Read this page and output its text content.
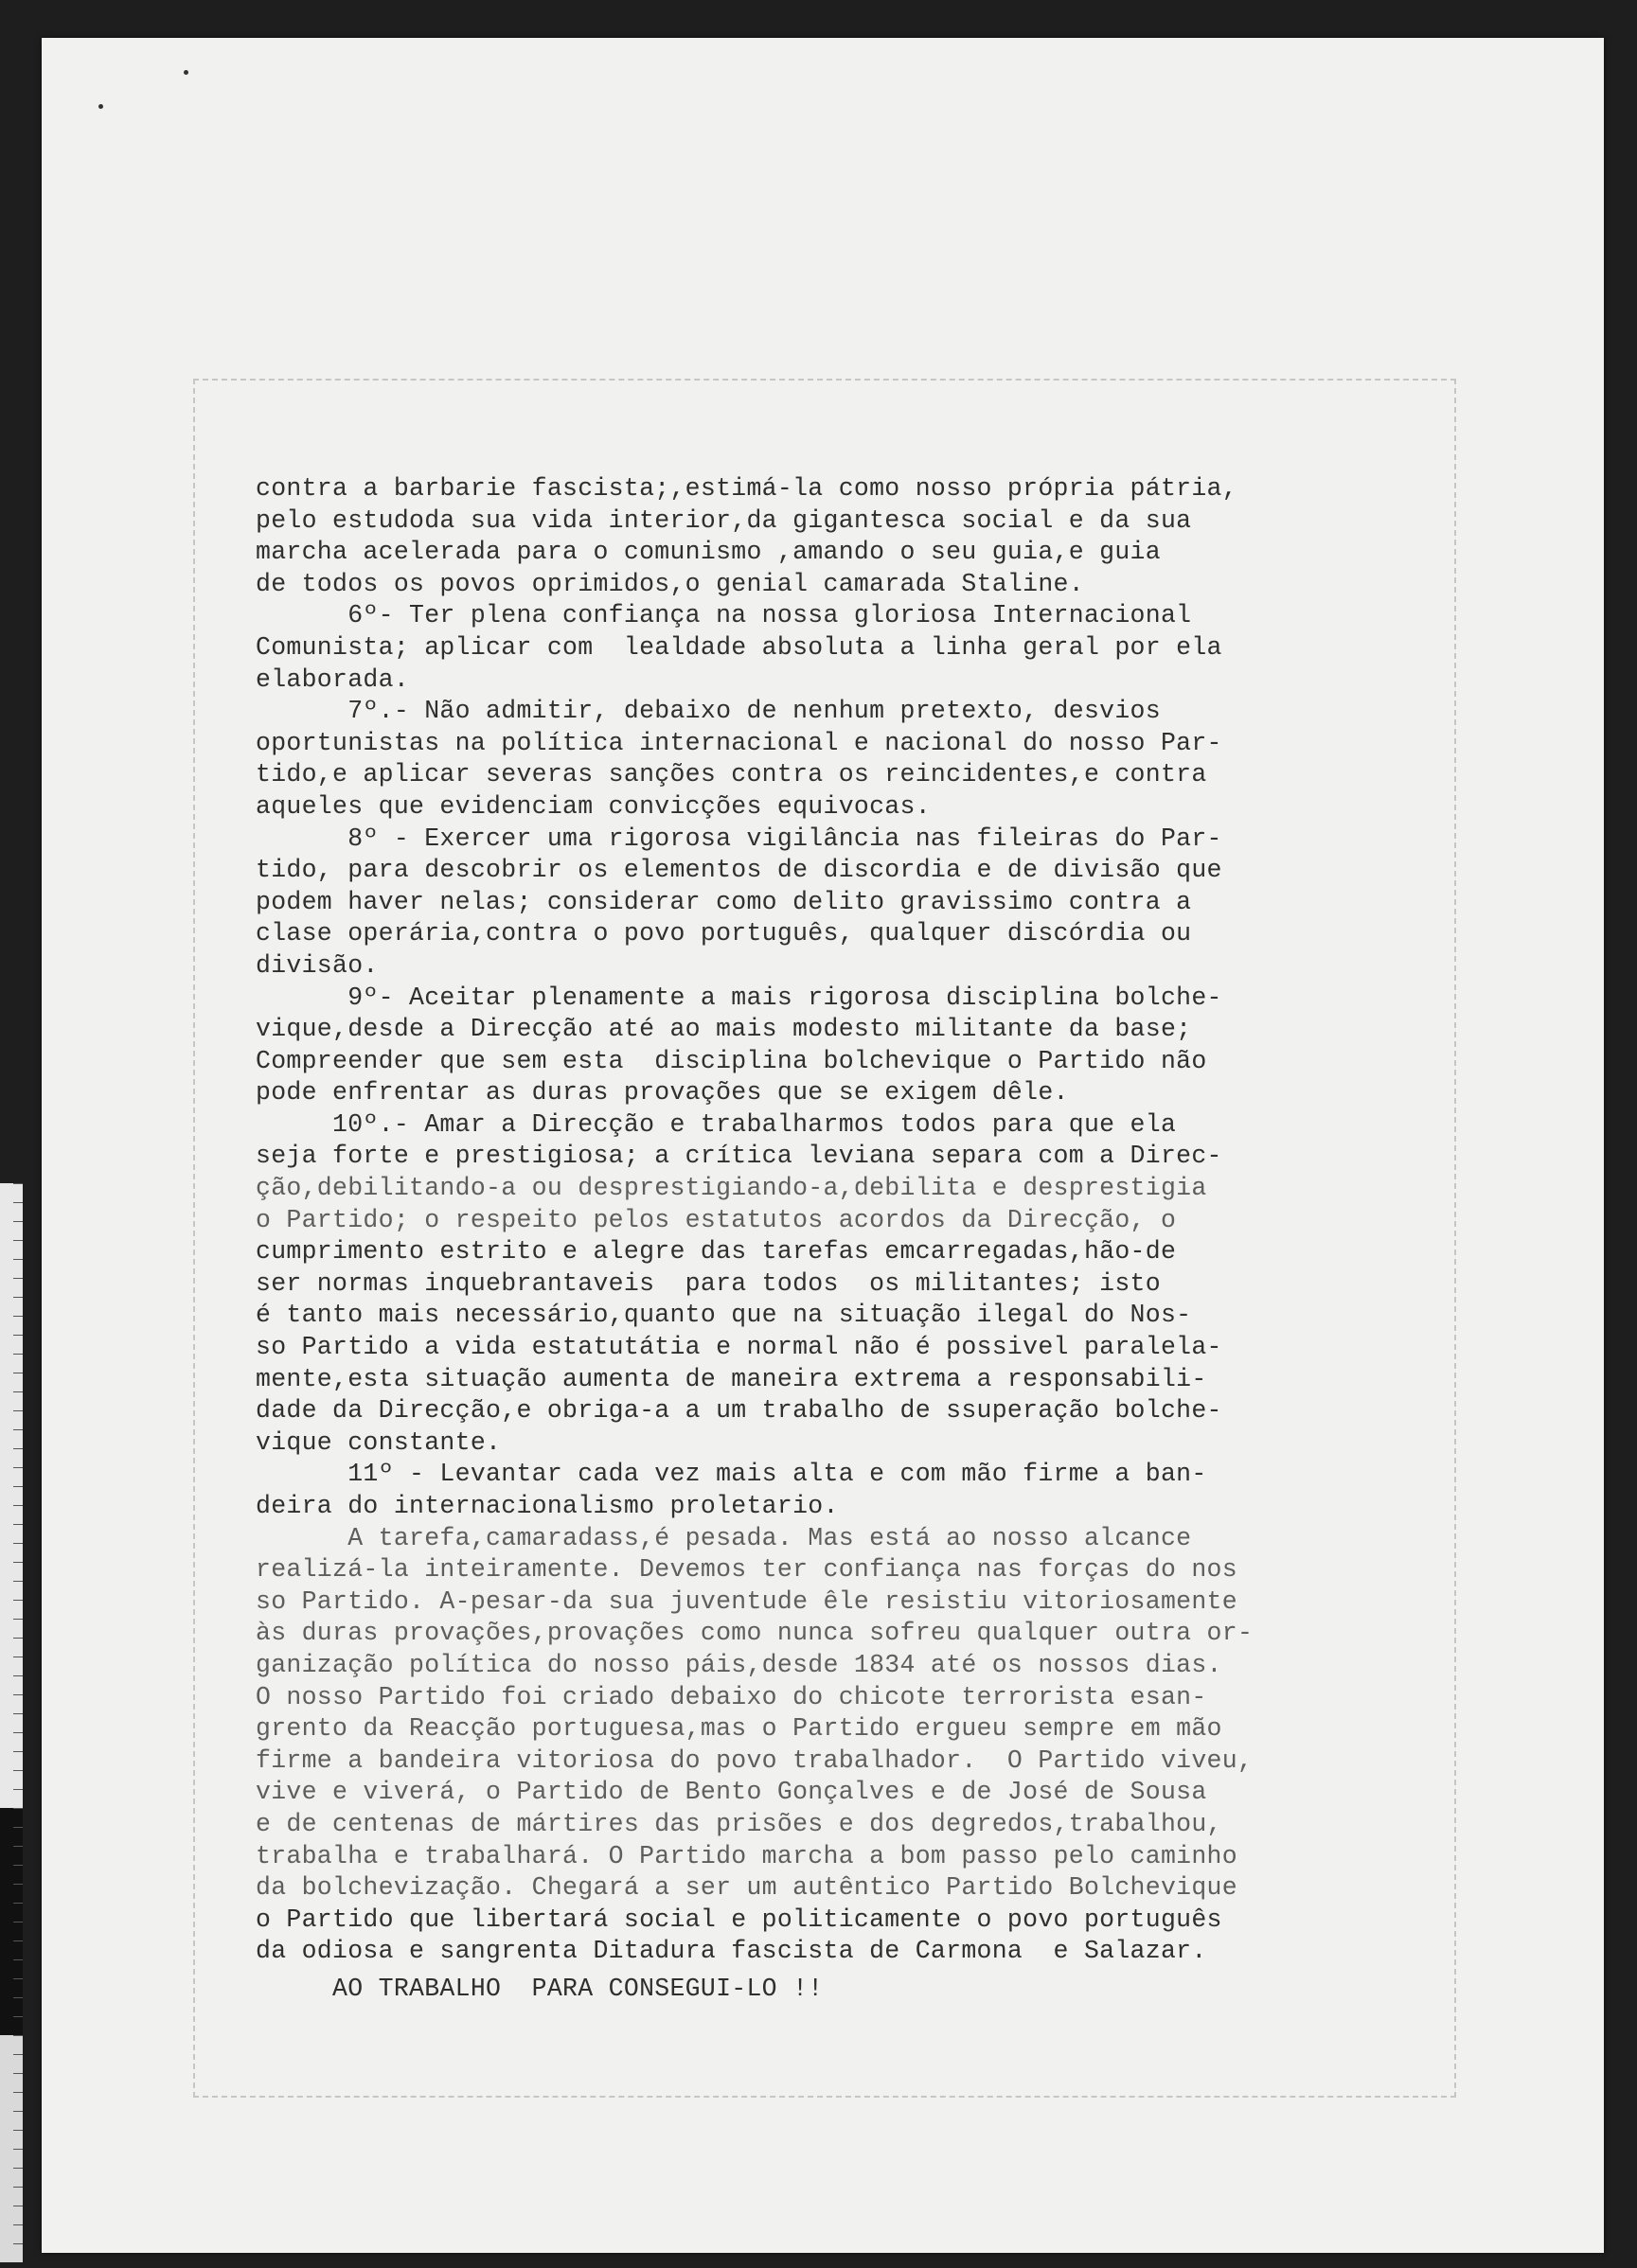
contra a barbarie fascista;,estimá-la como nosso própria pátria,
pelo estudoda sua vida interior,da gigantesca social e da sua
marcha acelerada para o comunismo ,amando o seu guia,e guia
de todos os povos oprimidos,o genial camarada Staline.
6º- Ter plena confiança na nossa gloriosa Internacional
Comunista; aplicar com  lealdade absoluta a linha geral por ela
elaborada.
7º.- Não admitir, debaixo de nenhum pretexto, desvios
oportunistas na política internacional e nacional do nosso Par-
tido,e aplicar severas sanções contra os reincidentes,e contra
aqueles que evidenciam convicções equivocas.
8º - Exercer uma rigorosa vigilância nas fileiras do Par-
tido, para descobrir os elementos de discordia e de divisão que
podem haver nelas; considerar como delito gravissimo contra a
clase operária,contra o povo português, qualquer discórdia ou
divisão.
9º- Aceitar plenamente a mais rigorosa disciplina bolche-
vique,desde a Direcção até ao mais modesto militante da base;
Compreender que sem esta  disciplina bolchevique o Partido não
pode enfrentar as duras provações que se exigem dêle.
10º.- Amar a Direcção e trabalharmos todos para que ela
seja forte e prestigiosa; a crítica leviana separa com a Direc-
ção,debilitando-a ou desprestigiando-a,debilita e desprestigia
o Partido; o respeito pelos estatutos acordos da Direcção, o
cumprimento estrito e alegre das tarefas emcarregadas,hão-de
ser normas inquebrantaveis  para todos  os militantes; isto
é tanto mais necessário,quanto que na situação ilegal do Nos-
so Partido a vida estatutátia e normal não é possivel paralela-
mente,esta situação aumenta de maneira extrema a responsabili-
dade da Direcção,e obriga-a a um trabalho de ssuperação bolche-
vique constante.
11º - Levantar cada vez mais alta e com mão firme a ban-
deira do internacionalismo proletario.
A tarefa,camaradass,é pesada. Mas está ao nosso alcance
realizá-la inteiramente. Devemos ter confiança nas forças do nos
so Partido. A-pesar-da sua juventude êle resistiu vitoriosamente
às duras provações,provações como nunca sofreu qualquer outra or-
ganização política do nosso páis,desde 1834 até os nossos dias.
O nosso Partido foi criado debaixo do chicote terrorista esan-
grento da Reacção portuguesa,mas o Partido ergueu sempre em mão
firme a bandeira vitoriosa do povo trabalhador.  O Partido viveu,
vive e viverá, o Partido de Bento Gonçalves e de José de Sousa
e de centenas de mártires das prisões e dos degredos,trabalhou,
trabalha e trabalhará. O Partido marcha a bom passo pelo caminho
da bolchevização. Chegará a ser um autêntico Partido Bolchevique
o Partido que libertará social e politicamente o povo português
da odiosa e sangrenta Ditadura fascista de Carmona  e Salazar.
AO TRABALHO  PARA CONSEGUI-LO !!
